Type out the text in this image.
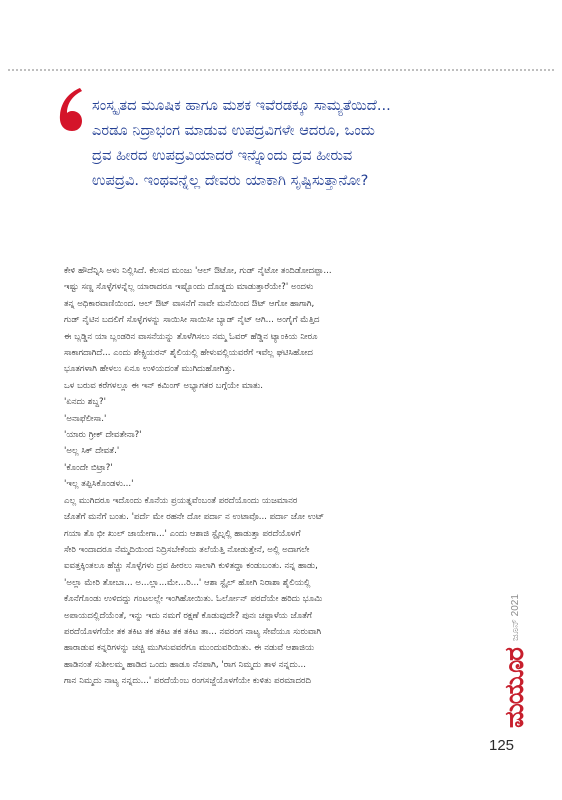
ಸಂಸ್ಕೃತದ ಮೂಷಿಕ ಹಾಗೂ ಮಶಕ ಇವೆರಡಕ್ಕೂ ಸಾಮ್ಯತೆಯಿದೆ...
ಎರಡೂ ನಿದ್ರಾಭಂಗ ಮಾಡುವ ಉಪದ್ರವಿಗಳೇ ಆದರೂ, ಒಂದು
ದ್ರವ ಹೀರದ ಉಪದ್ರವಿಯಾದರೆ ಇನ್ನೊಂದು ದ್ರವ ಹೀರುವ
ಉಪದ್ರವಿ. ಇಂಥವನ್ನೆಲ್ಲ ದೇವರು ಯಾಕಾಗಿ ಸೃಷ್ಟಿಸುತ್ತಾನೋ?
ಕೇಳಿ ಹೌದೆನ್ನಿಸಿ ಅಳು ನಿಲ್ಲಿಸಿದೆ. ಕೆಲಸದ ಮಂಜು 'ಆಲ್ ಔಟೋ, ಗುಡ್ ನೈಟೋ ತಂದಿಡೋದಪ್ಪಾ...
ಇಷ್ಟು ಸಣ್ಣ ಸೊಳ್ಳೆಗಳನ್ನೆಲ್ಲ ಯಾರಾದರೂ ಇಷ್ಟೊಂದು ದೊಡ್ಡದು ಮಾಡುತ್ತಾರೆಯೇ?' ಅಂದಳು
ತನ್ನ ಅಧಿಕಾರವಾಣಿಯಿಂದ. ಆಲ್ ಔಟ್ ವಾಸನೆಗೆ ನಾವೇ ಮನೆಯಿಂದ ಔಟ್ ಆಗೋ ಹಾಗಾಗಿ,
ಗುಡ್ ನೈಟಿನ ಬದಲಿಗೆ ಸೊಳ್ಳೆಗಳನ್ನು ಸಾಯಿಸೀ ಸಾಯಿಸೀ ಬ್ಯಾಡ್ ನೈಟ್ ಆಗಿ... ಅಂಗೈಗೆ ಮೆತ್ತಿದ
ಈ ಬ್ಲಡ್ಡಿನ ಯಾ ಬ್ಲಂಡರಿನ ವಾಸನೆಯನ್ನು ತೊಳೆಗಿಸಲು ನಮ್ಮ ಓವರ್ ಹೆಡ್ಡಿನ ಟ್ಯಾಂಕಿಯ ನೀರೂ
ಸಾಕಾಗದಾಗಿದೆ... ಎಂದು ಶೇಕ್ಸ್ಪಿಯರನ್ ಶೈಲಿಯಲ್ಲಿ ಹೇಳುವಲ್ಲಿಯವರೆಗೆ ಇವೆಲ್ಲ ಘಟಿಸಿಹೋದ
ಭೂತಗಳಾಗಿ ಹೇಳಲು ಏನೂ ಉಳಿಯದಂತೆ ಮುಗಿದುಹೋಗಿತ್ತು.
ಒಳ ಬರುವ ಕರೆಗಳಲ್ಲೂ ಈ ಇನ್ ಕಮಿಂಗ್ ಅಭ್ಯಾಗತರ ಬಗ್ಗೆಯೇ ಮಾತು.
'ಏನದು ಶಬ್ದ?'
'ಅನಾಫೆಲೀಸಾ.'
'ಯಾರು ಗ್ರೀಕ್ ದೇವತೇನಾ?'
'ಅಲ್ಲ ಸಿಕ್ ದೇವತೆ.'
'ಕೊಂದೇ ಬಿಟ್ರಾ?'
'ಇಲ್ಲ ತಪ್ಪಿಸಿಕೊಂಡಳು...'
ಎಲ್ಲ ಮುಗಿದರೂ ಇದೊಂದು ಕೊನೆಯ ಪ್ರಯತ್ನವೆಂಬಂತೆ ಪರದೆಯೊಂದು ಯಜಮಾನರ
ಜೊತೆಗೆ ಮನೆಗೆ ಬಂತು. 'ಪರ್ದೆ ಮೇ ರಹನೇ ದೋ ಪರ್ದಾ ನ ಉಟಾವೊ... ಪರ್ದಾ ಜೋ ಉಟ್
ಗಯಾ ತೊ ಭೀ ಖುಲ್ ಜಾಯೇಗಾ...' ಎಂದು ಆಶಾಜಿ ಸ್ಟೈಲ್ನಲ್ಲಿ ಹಾಡುತ್ತಾ ಪರದೆಯೊಳಗೆ
ಸೇರಿ ಇಂದಾದರೂ ನೆಮ್ಮದಿಯಿಂದ ನಿದ್ರಿಸಬೇಕೆಂದು ತಲೆಯೆತ್ತಿ ನೋಡುತ್ತೇನೆ, ಅಲ್ಲಿ ಅದಾಗಲೇ
ಐವತ್ತಕ್ಕಿಂತಲೂ ಹೆಚ್ಚು ಸೊಳ್ಳೆಗಳು ದ್ರವ ಹೀರಲು ಸಾಲಾಗಿ ಕುಳಿತದ್ದಾ ಕಂಡುಬಂತು. ನನ್ನ ಹಾಡು,
'ಅಲ್ಲಾ ಮೇರಿ ತೋಬಾ... ಅ...ಲ್ಲಾ...ಮೇ...ರಿ...' ಆಶಾ ಸ್ಟೈಲ್ ಹೋಗಿ ನಿರಾಶಾ ಶೈಲಿಯಲ್ಲಿ
ಕೊನೆಗೊಂಡು ಉಳಿದದ್ದು ಗಂಟಲಲ್ಲೇ ಇಂಗಿಹೋಯಿತು. ಓರ್ಲೋನ್ ಪರದೆಯೇ ಹರಿದು ಭೂಮಿ
ಅಪಾಯದಲ್ಲಿದೆಯೆಂತೆ, ಇನ್ನು ಇದು ನಮಗೆ ರಕ್ಷಣೆ ಕೊಡುವುದೇ? ಪುನಃ ಚಪ್ಪಾಳೆಯ ಜೊತೆಗೆ
ಪರದೆಯೊಳಗೆಯೇ ತಕ ತಕಿಟ ತಕ ತಕಿಟ ತಕ ತಕಿಟ ತಾ... ನವರಂಗ ನಾಟ್ಯ ಸೇವೆಯೂ ಸುರುವಾಗಿ
ಹಾರಾಡುವ ಕನ್ನರಿಗಳನ್ನು ಚಚ್ಚಿ ಮುಗಿಸುವವರೆಗೂ ಮುಂದುವರಿಯಿತು. ಈ ನಡುವೆ ಆಶಾಜಿಯ
ಹಾಡಿನಂತೆ ಸುಶೀಲಮ್ಮ ಹಾಡಿದ ಒಂದು ಹಾಡೂ ನೆನಪಾಗಿ, 'ರಾಗ ನಿಮ್ಮದು ತಾಳ ನನ್ನದು...
ಗಾನ ನಿಮ್ಮದು ನಾಟ್ಯ ನನ್ನದು...' ಪರದೆಯೆಂಬ ರಂಗಸಜ್ಜೆಯೊಳಗೆಯೇ ಕುಳಿತು ಪರಮಾದರದಿ
ಜೂನ್ 2021
ಮಯೂರ
125
